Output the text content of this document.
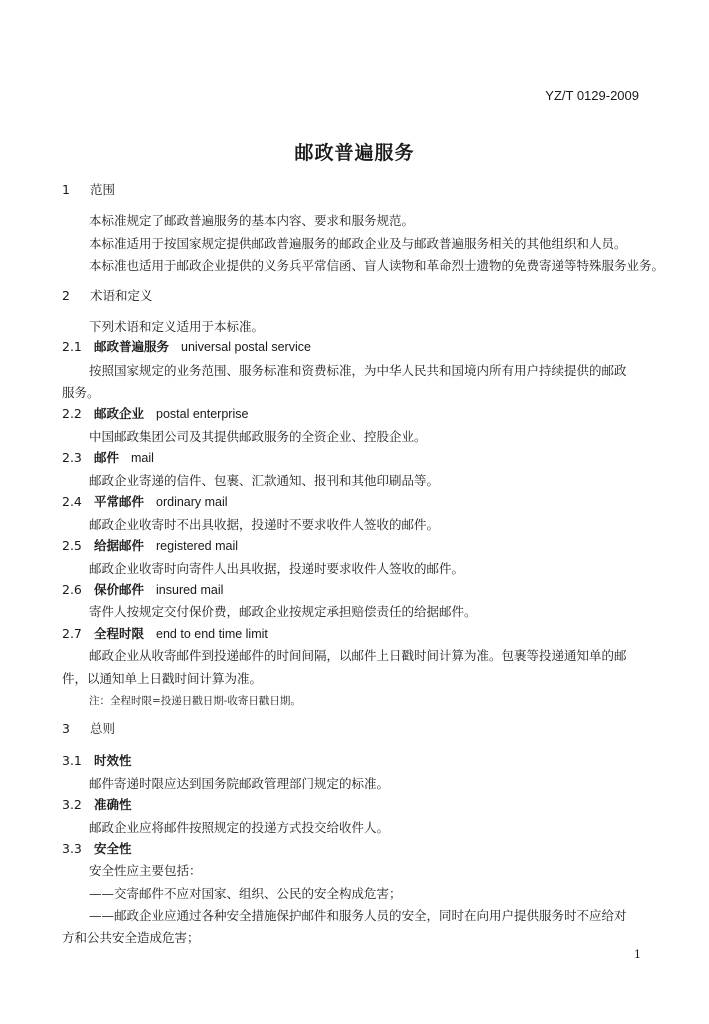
YZ/T 0129-2009
邮政普遍服务
1 范围
本标准规定了邮政普遍服务的基本内容、要求和服务规范。
本标准适用于按国家规定提供邮政普遍服务的邮政企业及与邮政普遍服务相关的其他组织和人员。
本标准也适用于邮政企业提供的义务兵平常信函、盲人读物和革命烈士遗物的免费寄递等特殊服务业务。
2 术语和定义
下列术语和定义适用于本标准。
2.1 邮政普遍服务 universal postal service
按照国家规定的业务范围、服务标准和资费标准，为中华人民共和国境内所有用户持续提供的邮政
服务。
2.2 邮政企业 postal enterprise
中国邮政集团公司及其提供邮政服务的全资企业、控股企业。
2.3 邮件 mail
邮政企业寄递的信件、包裹、汇款通知、报刊和其他印刷品等。
2.4 平常邮件 ordinary mail
邮政企业收寄时不出具收据，投递时不要求收件人签收的邮件。
2.5 给据邮件 registered mail
邮政企业收寄时向寄件人出具收据，投递时要求收件人签收的邮件。
2.6 保价邮件 insured mail
寄件人按规定交付保价费，邮政企业按规定承担赔偿责任的给据邮件。
2.7 全程时限 end to end time limit
邮政企业从收寄邮件到投递邮件的时间间隔，以邮件上日戳时间计算为准。包裹等投递通知单的邮
件，以通知单上日戳时间计算为准。
注：全程时限=投递日戳日期-收寄日戳日期。
3 总则
3.1 时效性
邮件寄递时限应达到国务院邮政管理部门规定的标准。
3.2 准确性
邮政企业应将邮件按照规定的投递方式投交给收件人。
3.3 安全性
安全性应主要包括：
——交寄邮件不应对国家、组织、公民的安全构成危害；
——邮政企业应通过各种安全措施保护邮件和服务人员的安全，同时在向用户提供服务时不应给对
方和公共安全造成危害；
1
